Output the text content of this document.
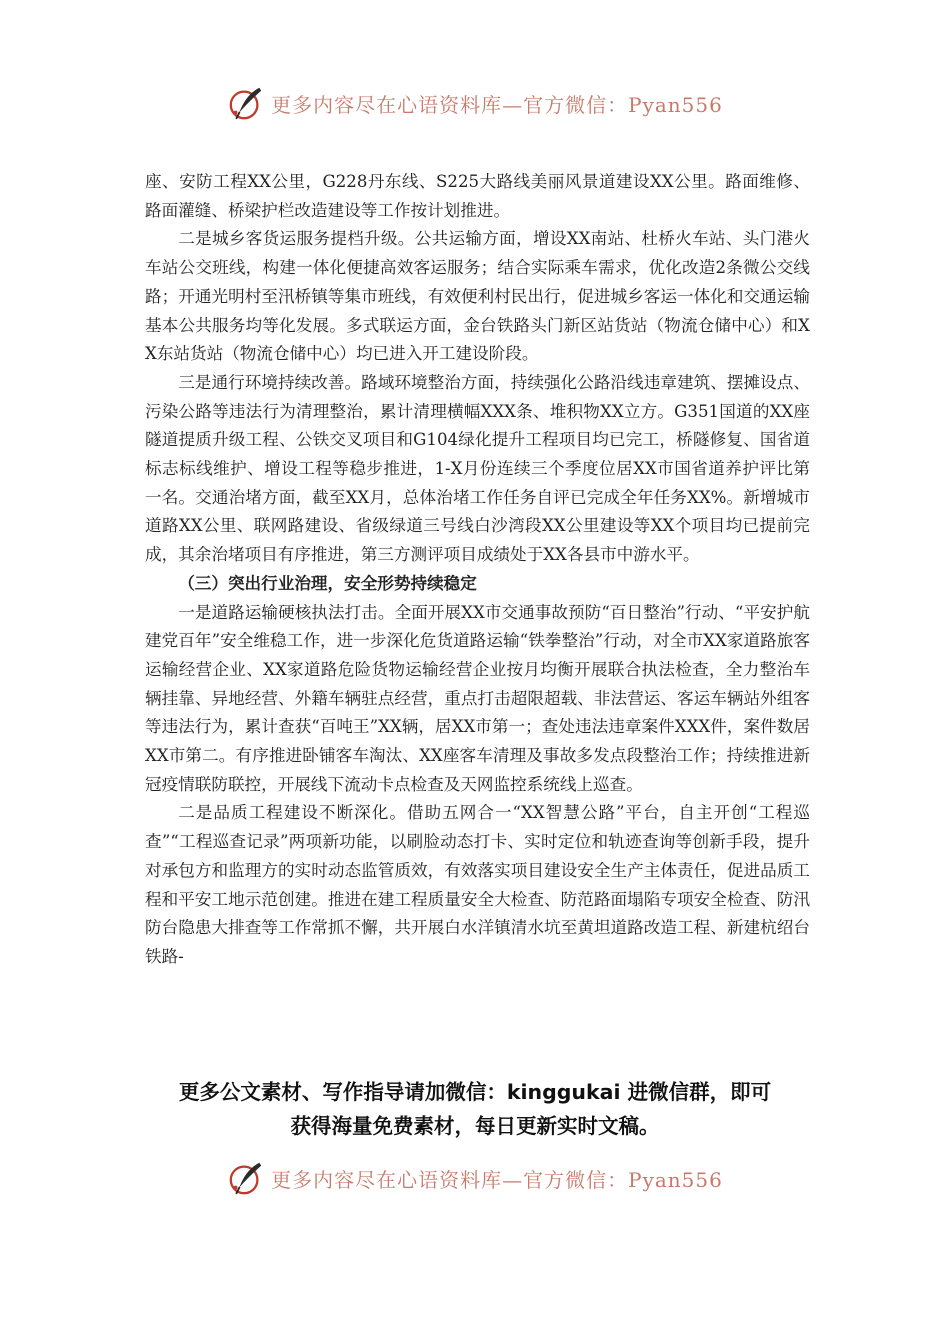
更多内容尽在心语资料库—官方微信：Pyan556

座、安防工程XX公里，G228丹东线、S225大路线美丽风景道建设XX公里。路面维修、路面灌缝、桥梁护栏改造建设等工作按计划推进。

二是城乡客货运服务提档升级。公共运输方面，增设XX南站、杜桥火车站、头门港火车站公交班线，构建一体化便捷高效客运服务；结合实际乘车需求，优化改造2条微公交线路；开通光明村至汛桥镇等集市班线，有效便利村民出行，促进城乡客运一体化和交通运输基本公共服务均等化发展。多式联运方面，金台铁路头门新区站货站（物流仓储中心）和XX东站货站（物流仓储中心）均已进入开工建设阶段。

三是通行环境持续改善。路域环境整治方面，持续强化公路沿线违章建筑、摆摊设点、污染公路等违法行为清理整治，累计清理横幅XXX条、堆积物XX立方。G351国道的XX座隧道提质升级工程、公铁交叉项目和G104绿化提升工程项目均已完工，桥隧修复、国省道标志标线维护、增设工程等稳步推进，1-X月份连续三个季度位居XX市国省道养护评比第一名。交通治堵方面，截至XX月，总体治堵工作任务自评已完成全年任务XX%。新增城市道路XX公里、联网路建设、省级绿道三号线白沙湾段XX公里建设等XX个项目均已提前完成，其余治堵项目有序推进，第三方测评项目成绩处于XX各县市中游水平。

（三）突出行业治理，安全形势持续稳定

一是道路运输硬核执法打击。全面开展XX市交通事故预防“百日整治”行动、“平安护航建党百年”安全维稳工作，进一步深化危货道路运输“铁拳整治”行动，对全市XX家道路旅客运输经营企业、XX家道路危险货物运输经营企业按月均衡开展联合执法检查，全力整治车辆挂靠、异地经营、外籍车辆驻点经营，重点打击超限超载、非法营运、客运车辆站外组客等违法行为，累计查获“百吨王”XX辆，居XX市第一；查处违法违章案件XXX件，案件数居XX市第二。有序推进卧铺客车淘汰、XX座客车清理及事故多发点段整治工作；持续推进新冠疫情联防联控，开展线下流动卡点检查及天网监控系统线上巡查。

二是品质工程建设不断深化。借助五网合一“XX智慧公路”平台，自主开创“工程巡查”“工程巡查记录”两项新功能，以刷脸动态打卡、实时定位和轨迹查询等创新手段，提升对承包方和监理方的实时动态监管质效，有效落实项目建设安全生产主体责任，促进品质工程和平安工地示范创建。推进在建工程质量安全大检查、防范路面塌陷专项安全检查、防汛防台隐患大排查等工作常抓不懈，共开展白水洋镇清水坑至黄坦道路改造工程、新建杭绍台铁路-

更多公文素材、写作指导请加微信：kinggukai 进微信群，即可
获得海量免费素材，每日更新实时文稿。
更多内容尽在心语资料库—官方微信：Pyan556
